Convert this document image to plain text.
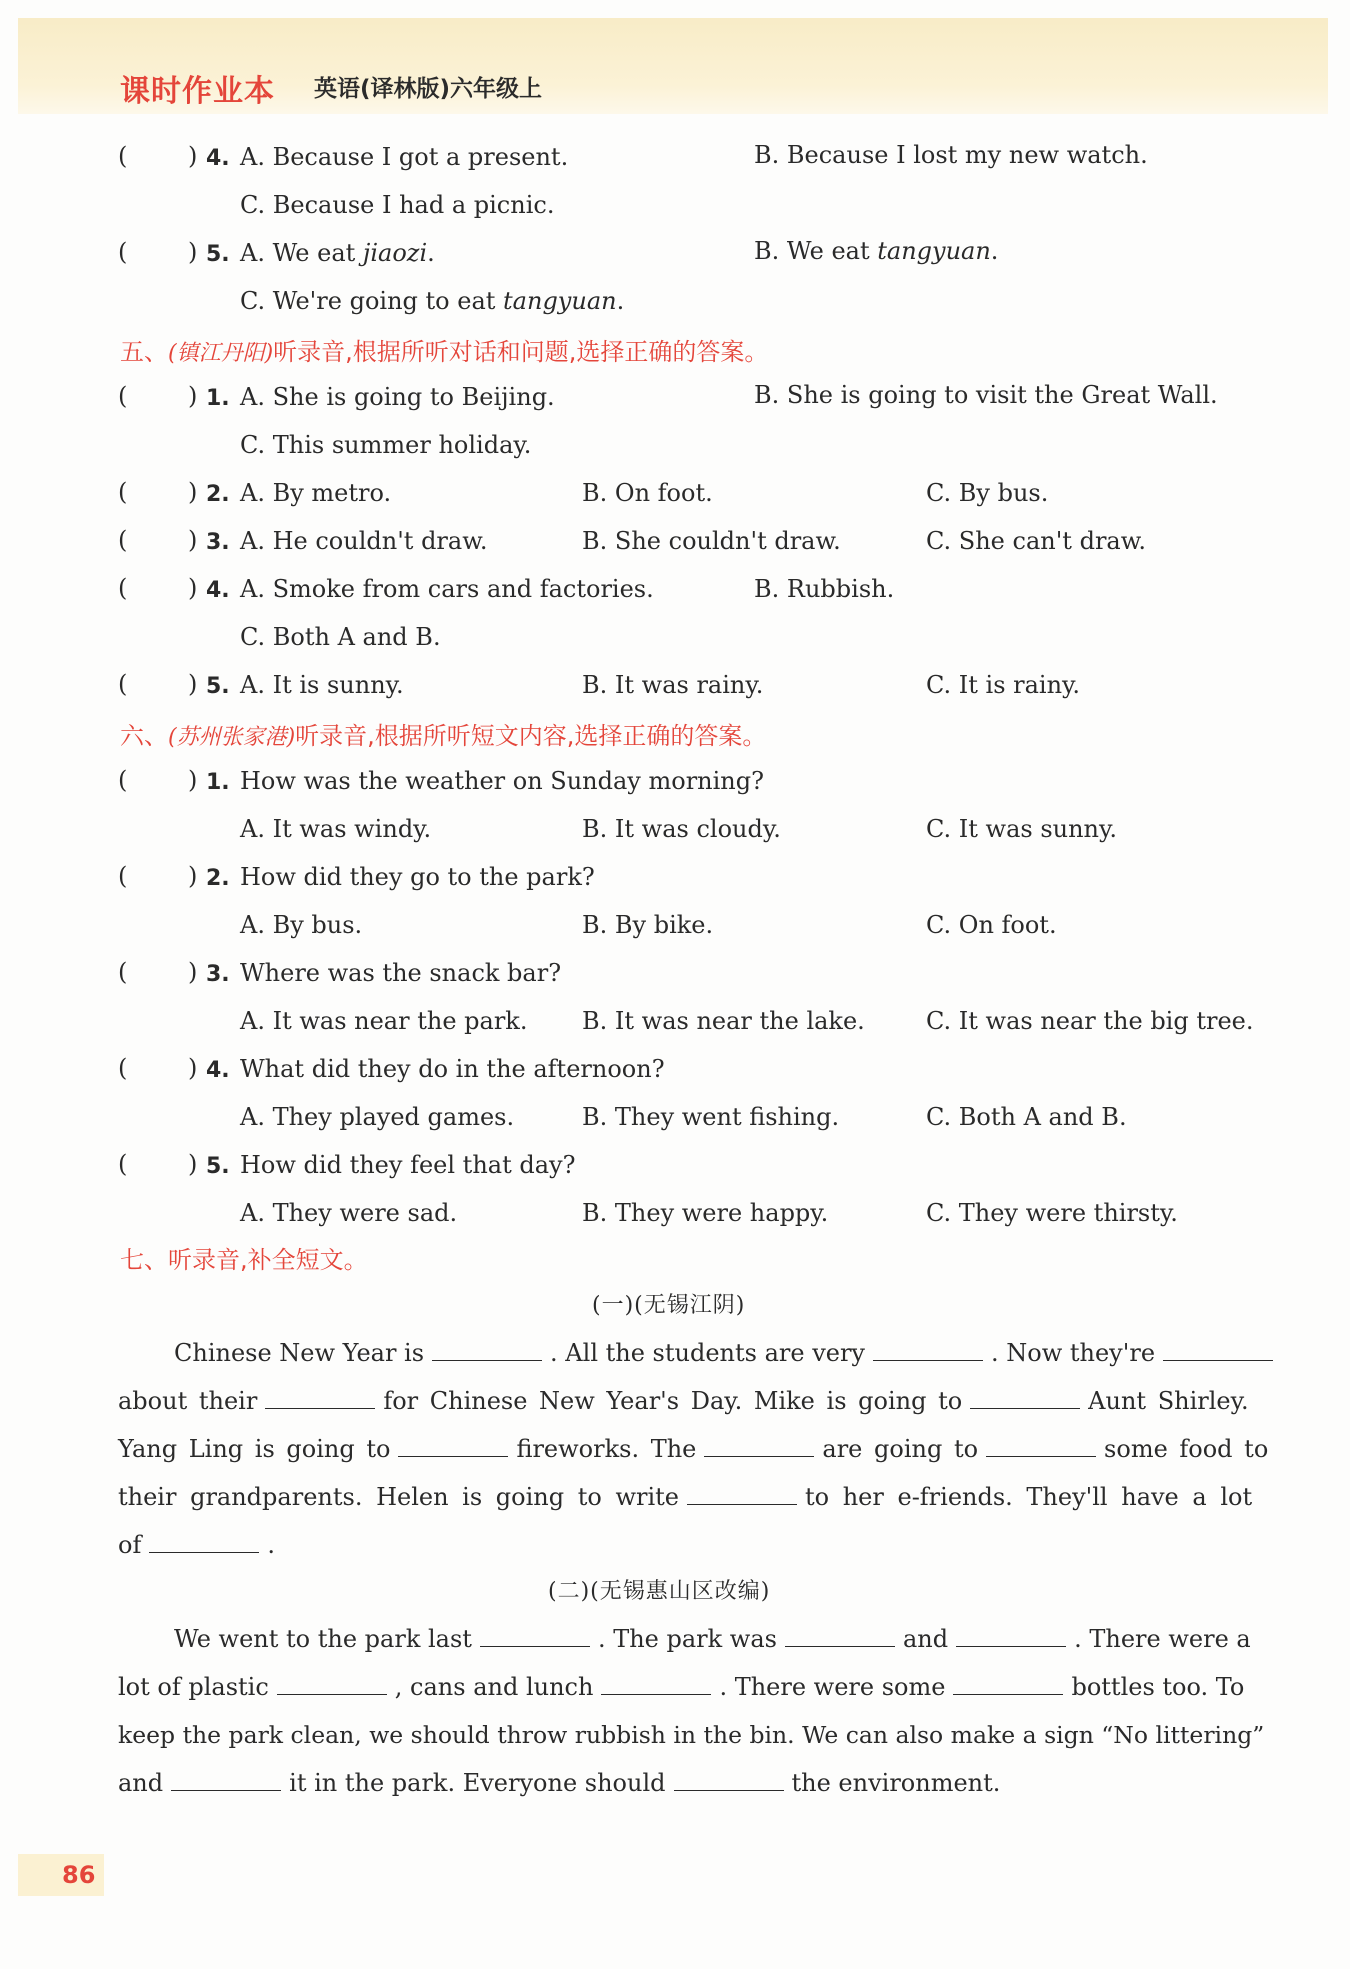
课时作业本 英语(译林版)六年级上
(	) 4. A. Because I got a present.	B. Because I lost my new watch.
C. Because I had a picnic.
(	) 5. A. We eat jiaozi.	B. We eat tangyuan.
C. We're going to eat tangyuan.
五、(镇江丹阳)听录音,根据所听对话和问题,选择正确的答案。
(	) 1. A. She is going to Beijing.	B. She is going to visit the Great Wall.
C. This summer holiday.
(	) 2. A. By metro.	B. On foot.	C. By bus.
(	) 3. A. He couldn't draw.	B. She couldn't draw.	C. She can't draw.
(	) 4. A. Smoke from cars and factories.	B. Rubbish.
C. Both A and B.
(	) 5. A. It is sunny.	B. It was rainy.	C. It is rainy.
六、(苏州张家港)听录音,根据所听短文内容,选择正确的答案。
(	) 1. How was the weather on Sunday morning?
A. It was windy.	B. It was cloudy.	C. It was sunny.
(	) 2. How did they go to the park?
A. By bus.	B. By bike.	C. On foot.
(	) 3. Where was the snack bar?
A. It was near the park. B. It was near the lake.	C. It was near the big tree.
(	) 4. What did they do in the afternoon?
A. They played games.	B. They went fishing.	C. Both A and B.
(	) 5. How did they feel that day?
A. They were sad.	B. They were happy.	C. They were thirsty.
七、听录音,补全短文。
(一)(无锡江阴)
Chinese New Year is	. All the students are very	. Now they're
about their	for Chinese New Year's Day. Mike is going to	Aunt Shirley.
Yang Ling is going to	fireworks. The	are going to	some food to
their grandparents. Helen is going to write	to her e-friends. They'll have a lot
of	.
(二)(无锡惠山区改编)
We went to the park last	. The park was	and	. There were a
lot of plastic	, cans and lunch	. There were some	bottles too. To
keep the park clean, we should throw rubbish in the bin. We can also make a sign “No littering”
and	it in the park. Everyone should	the environment.
86
